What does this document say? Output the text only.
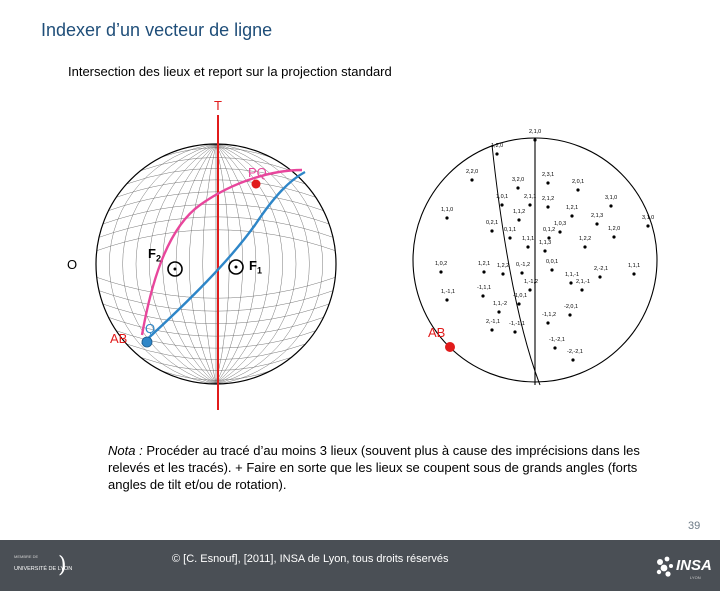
Indexer d’un vecteur de ligne
Intersection des lieux et report sur la projection standard
T
O
PQ
$F_2$	$F_1$
AB
Q	AB
2,1,0
1,2,0
2,2,0
3,2,0
2,3,1
2,0,1
1,1,0
3,1,0
2,1,2
1,0,1	2,1,1
1,2,1
1,1,2
2,1,3
0,2,1
3,1,0
0,1,1
1,1,1
0,1,2
1,0,3
1,2,0
1,1,3
1,2,2
0,0,1
1,0,2	1,2,1 1,2,2 0,-1,2
1,1,-1
2,-2,1	1,1,1
-1,1,1
1,-1,2	2,1,-1
1,-1,1
1,1,-2
-1,0,1
-1,1,2
-2,0,1
2,-1,1 -1,-1,1
-1,-2,1
-2,-2,1
Nota : Procéder au tracé d’au moins 3 lieux (souvent plus à cause des imprécisions dans les relevés et les tracés). + Faire en sorte que les lieux se coupent sous de grands angles (forts angles de tilt et/ou de rotation).
39
MEMBRE DE
UNIVERSITÉ DE LYON
)	© [C. Esnouf], [2011], INSA de Lyon, tous droits réservés	INSA
LYON
